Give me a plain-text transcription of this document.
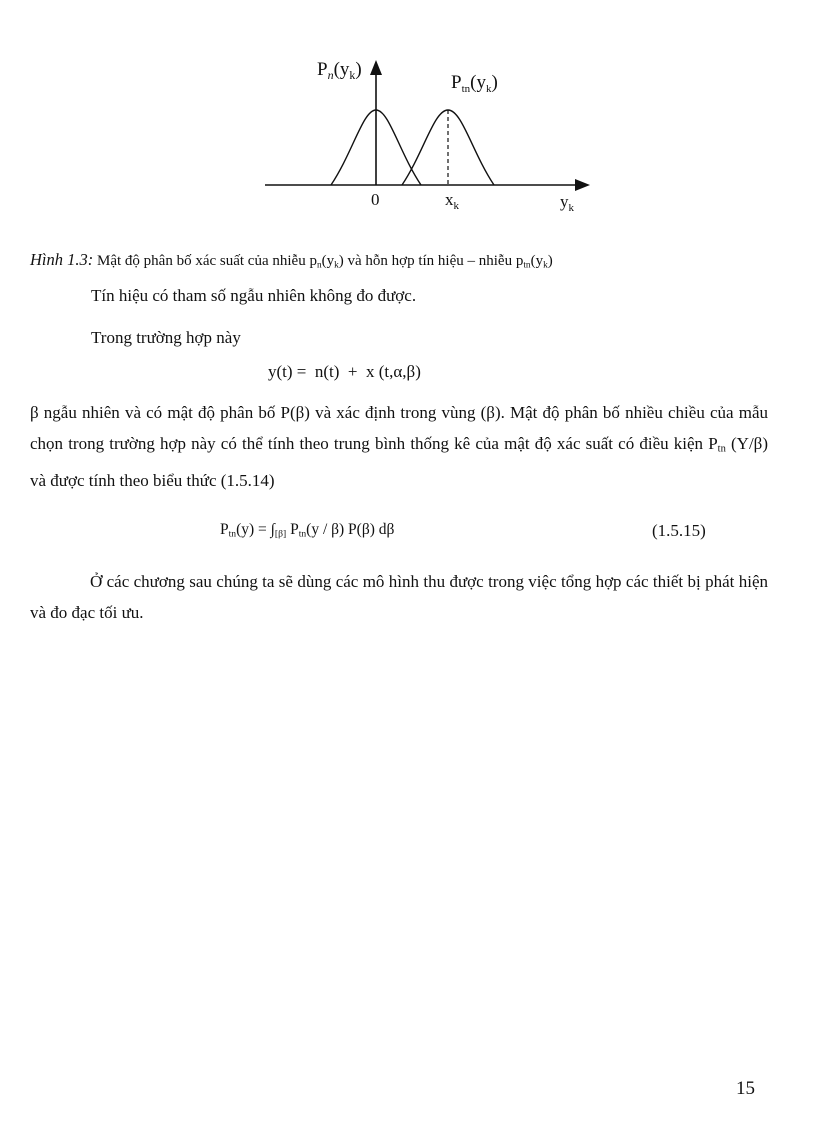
$P_n(y_k)$
$P_{tn}(y_k)$
0	$x_k$	$y_k$
Hình 1.3: Mật độ phân bố xác suất của nhiễu $p_n(y_k)$ và hỗn hợp tín hiệu – nhiễu $p_{tn}(y_k)$
Tín hiệu có tham số ngẫu nhiên không đo được.
Trong trường hợp này
y(t) =  n(t)  +  x (t,α,β)
β ngẫu nhiên và có mật độ phân bố P(β) và xác định trong vùng (β). Mật độ phân bố nhiều chiều của mẫu chọn trong trường hợp này có thể tính theo trung bình thống kê của mật độ xác suất có điều kiện $P_{tn}$ (Y/β) và được tính theo biểu thức (1.5.14)
$P_{tn}(y) = \int_{[\beta]}$ $P_{tn}(y / \beta)$ P(β) dβ	(1.5.15)
Ở các chương sau chúng ta sẽ dùng các mô hình thu được trong việc tổng hợp các thiết bị phát hiện và đo đạc tối ưu.
15
